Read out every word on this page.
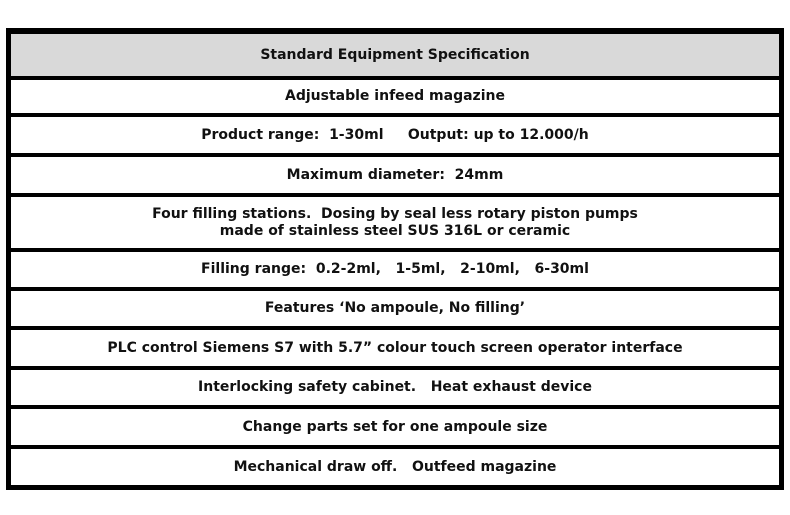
Standard Equipment Specification
Adjustable infeed magazine
Product range:  1-30ml     Output: up to 12.000/h
Maximum diameter:  24mm
Four filling stations.  Dosing by seal less rotary piston pumps
made of stainless steel SUS 316L or ceramic
Filling range:  0.2-2ml,   1-5ml,   2-10ml,   6-30ml
Features ‘No ampoule, No filling’
PLC control Siemens S7 with 5.7” colour touch screen operator interface
Interlocking safety cabinet.   Heat exhaust device
Change parts set for one ampoule size
Mechanical draw off.   Outfeed magazine
